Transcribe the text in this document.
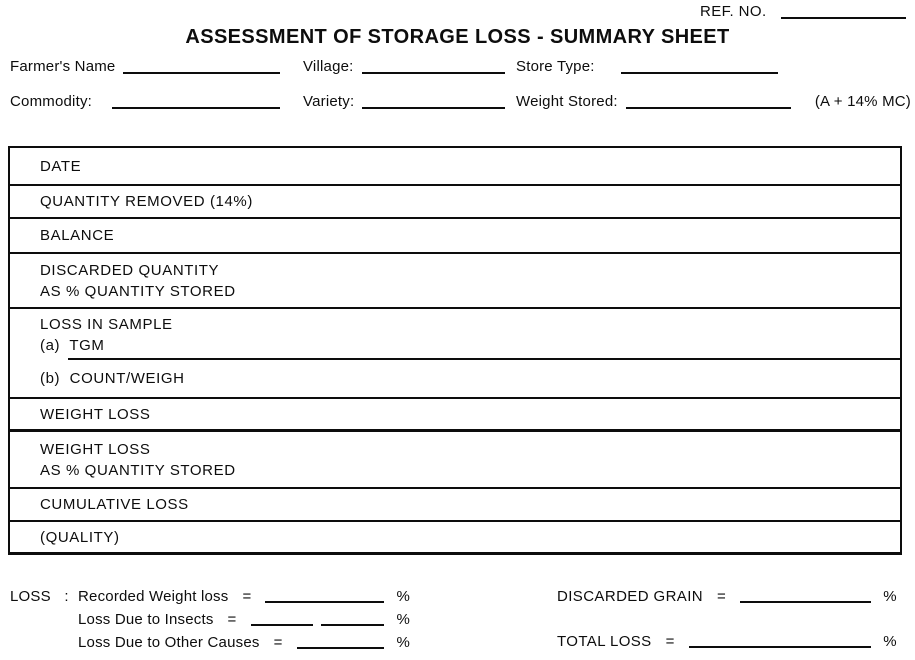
REF. NO.
ASSESSMENT OF STORAGE LOSS - SUMMARY SHEET
Farmer's Name	Village:	Store Type:
Commodity:	Variety:	Weight Stored:	(A + 14% MC)
DATE
QUANTITY REMOVED (14%)
BALANCE
DISCARDED QUANTITY
AS % QUANTITY STORED
LOSS IN SAMPLE
(a)  TGM
(b)  COUNT/WEIGH
WEIGHT LOSS
WEIGHT LOSS
AS % QUANTITY STORED
CUMULATIVE LOSS
(QUALITY)
LOSS : Recorded Weight loss =	%
Loss Due to Insects =	%
Loss Due to Other Causes =	%
DISCARDED GRAIN =	%
TOTAL LOSS =	%
